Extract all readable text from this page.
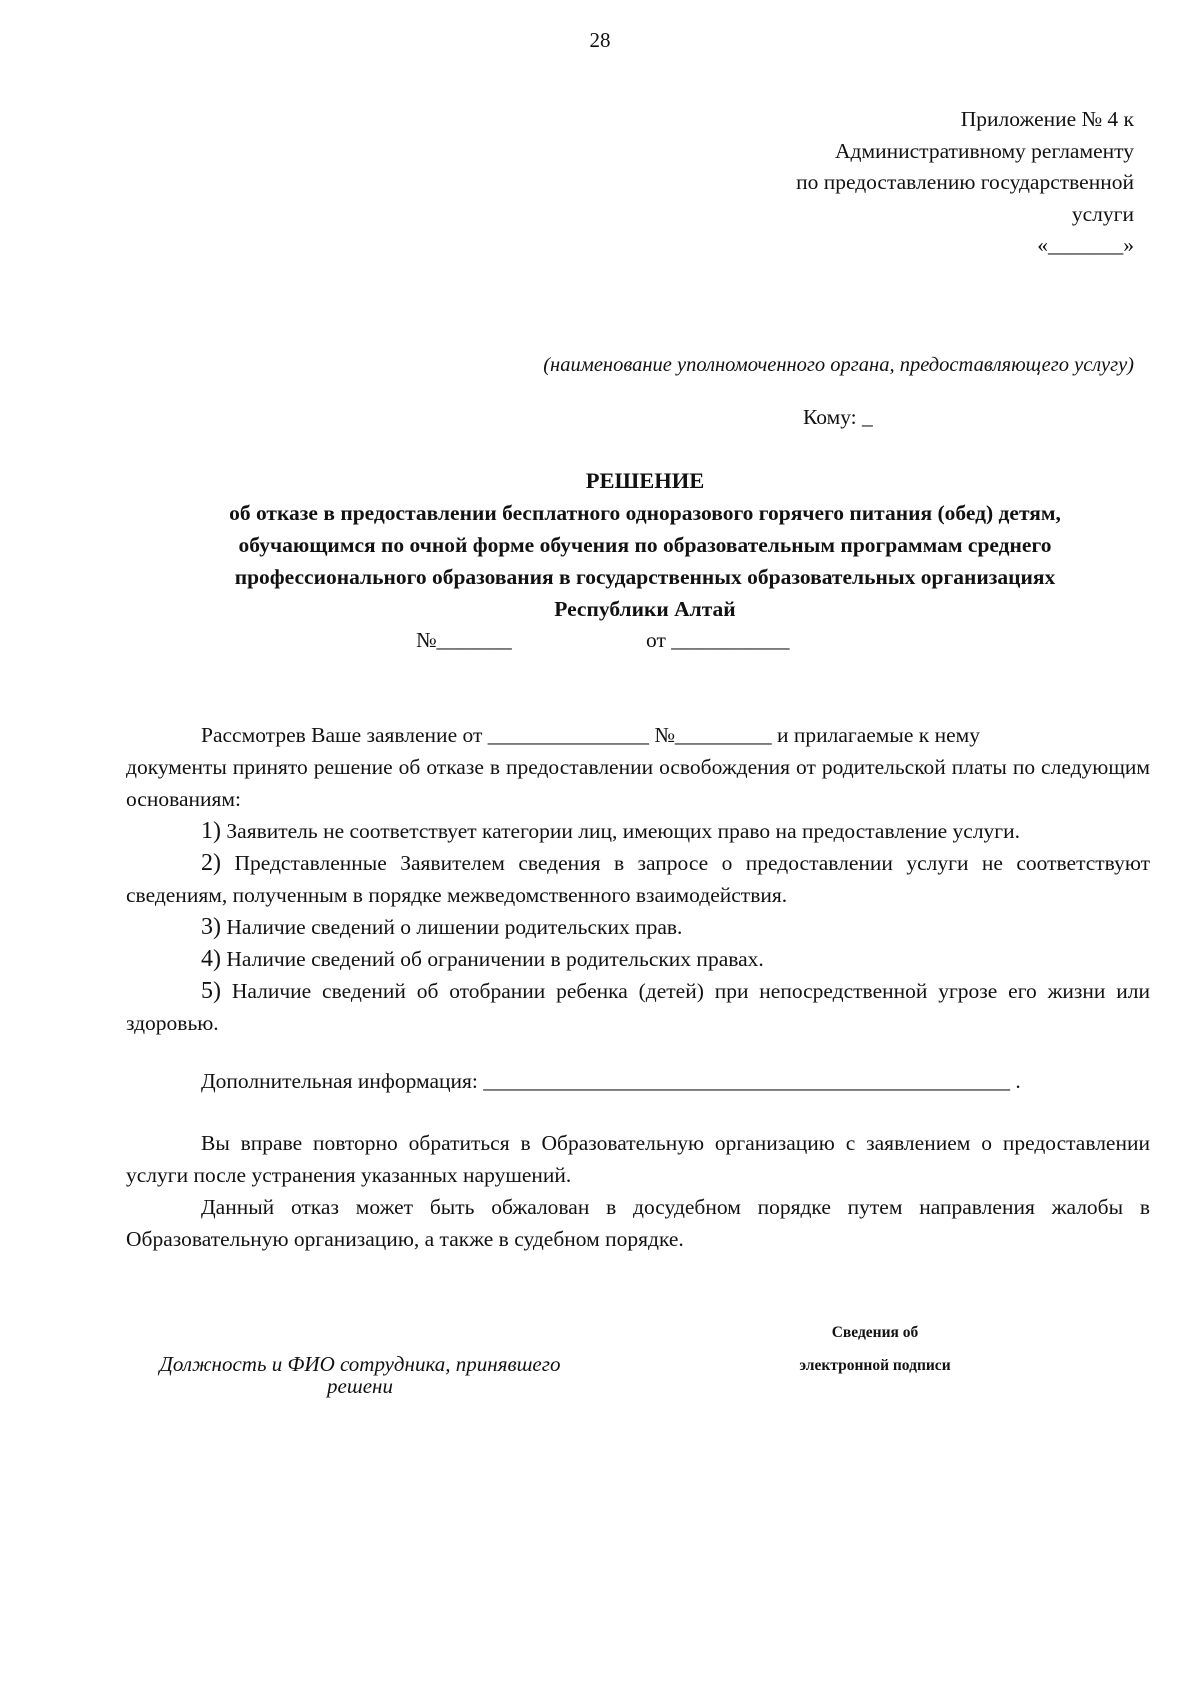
28
Приложение № 4 к
Административному регламенту
по предоставлению государственной
услуги
«_______»
(наименование уполномоченного органа, предоставляющего услугу)
Кому: _
РЕШЕНИЕ
об отказе в предоставлении бесплатного одноразового горячего питания (обед) детям,
обучающимся по очной форме обучения по образовательным программам среднего
профессионального образования в государственных образовательных организациях
Республики Алтай
№_______	от ___________

Рассмотрев Ваше заявление от _______________ №_________ и прилагаемые к нему

документы принято решение об отказе в предоставлении освобождения от родительской платы по следующим основаниям:

1) Заявитель не соответствует категории лиц, имеющих право на предоставление услуги.

2) Представленные Заявителем сведения в запросе о предоставлении услуги не соответствуют сведениям, полученным в порядке межведомственного взаимодействия.

3) Наличие сведений о лишении родительских прав.

4) Наличие сведений об ограничении в родительских правах.

5) Наличие сведений об отобрании ребенка (детей) при непосредственной угрозе его жизни или здоровью.

Дополнительная информация: _________________________________________________ .

Вы вправе повторно обратиться в Образовательную организацию с заявлением о предоставлении услуги после устранения указанных нарушений.

Данный отказ может быть обжалован в досудебном порядке путем направления жалобы в Образовательную организацию, а также в судебном порядке.

Сведения об
электронной подписи
Должность и ФИО сотрудника, принявшего
решени
